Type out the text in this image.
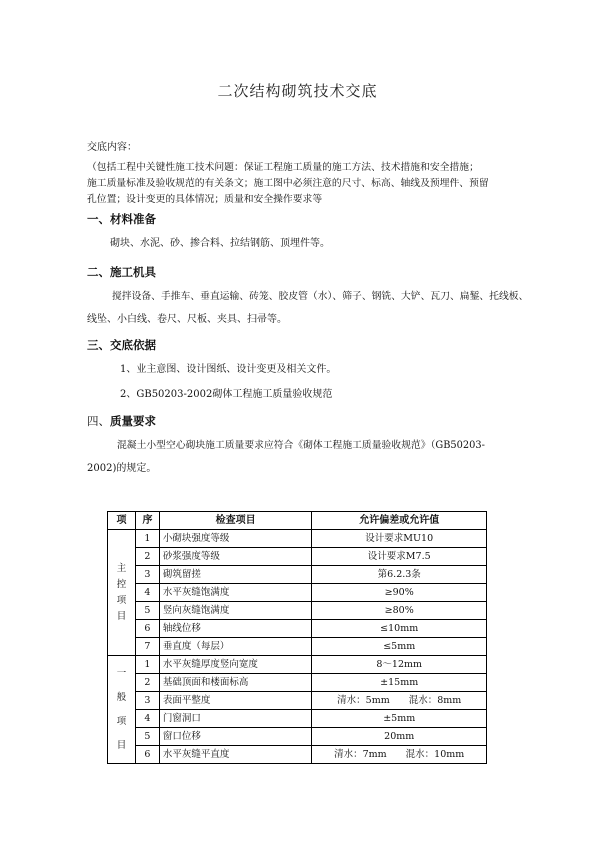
二次结构砌筑技术交底
交底内容：
（包括工程中关键性施工技术问题：保证工程施工质量的施工方法、技术措施和安全措施；
施工质量标准及验收规范的有关条文；施工图中必须注意的尺寸、标高、轴线及预埋件、预留
孔位置；设计变更的具体情况；质量和安全操作要求等
一、材料准备
砌块、水泥、砂、掺合料、拉结钢筋、顶埋件等。
二、施工机具
搅拌设备、手推车、垂直运输、砖笼、胶皮管（水）、筛子、钢铣、大铲、瓦刀、扁錾、托线板、
线坠、小白线、卷尺、尺板、夹具、扫帚等。
三、交底依据
1、业主意图、设计图纸、设计变更及相关文件。
2、GB50203-2002砌体工程施工质量验收规范
四、质量要求
混凝土小型空心砌块施工质量要求应符合《砌体工程施工质量验收规范》（GB50203-
2002)的规定。
项	序	检查项目	允许偏差或允许值

主
控
项
目	1	小砌块强度等级	设计要求MU10
	2	砂浆强度等级	设计要求M7.5
	3	砌筑留搓	第6.2.3条
	4	水平灰缝饱满度	≥90%
	5	竖向灰缝饱满度	≥80%
	6	轴线位移	≤10mm
	7	垂直度（每层）	≤5mm

一
般
项
目	1	水平灰缝厚度竖向宽度	8～12mm
	2	基础顶面和楼面标高	±15mm
	3	表面平整度	清水：5mm　　混水：8mm
	4	门窗洞口	±5mm
	5	窗口位移	20mm
	6	水平灰缝平直度	清水：7mm　　混水：10mm
